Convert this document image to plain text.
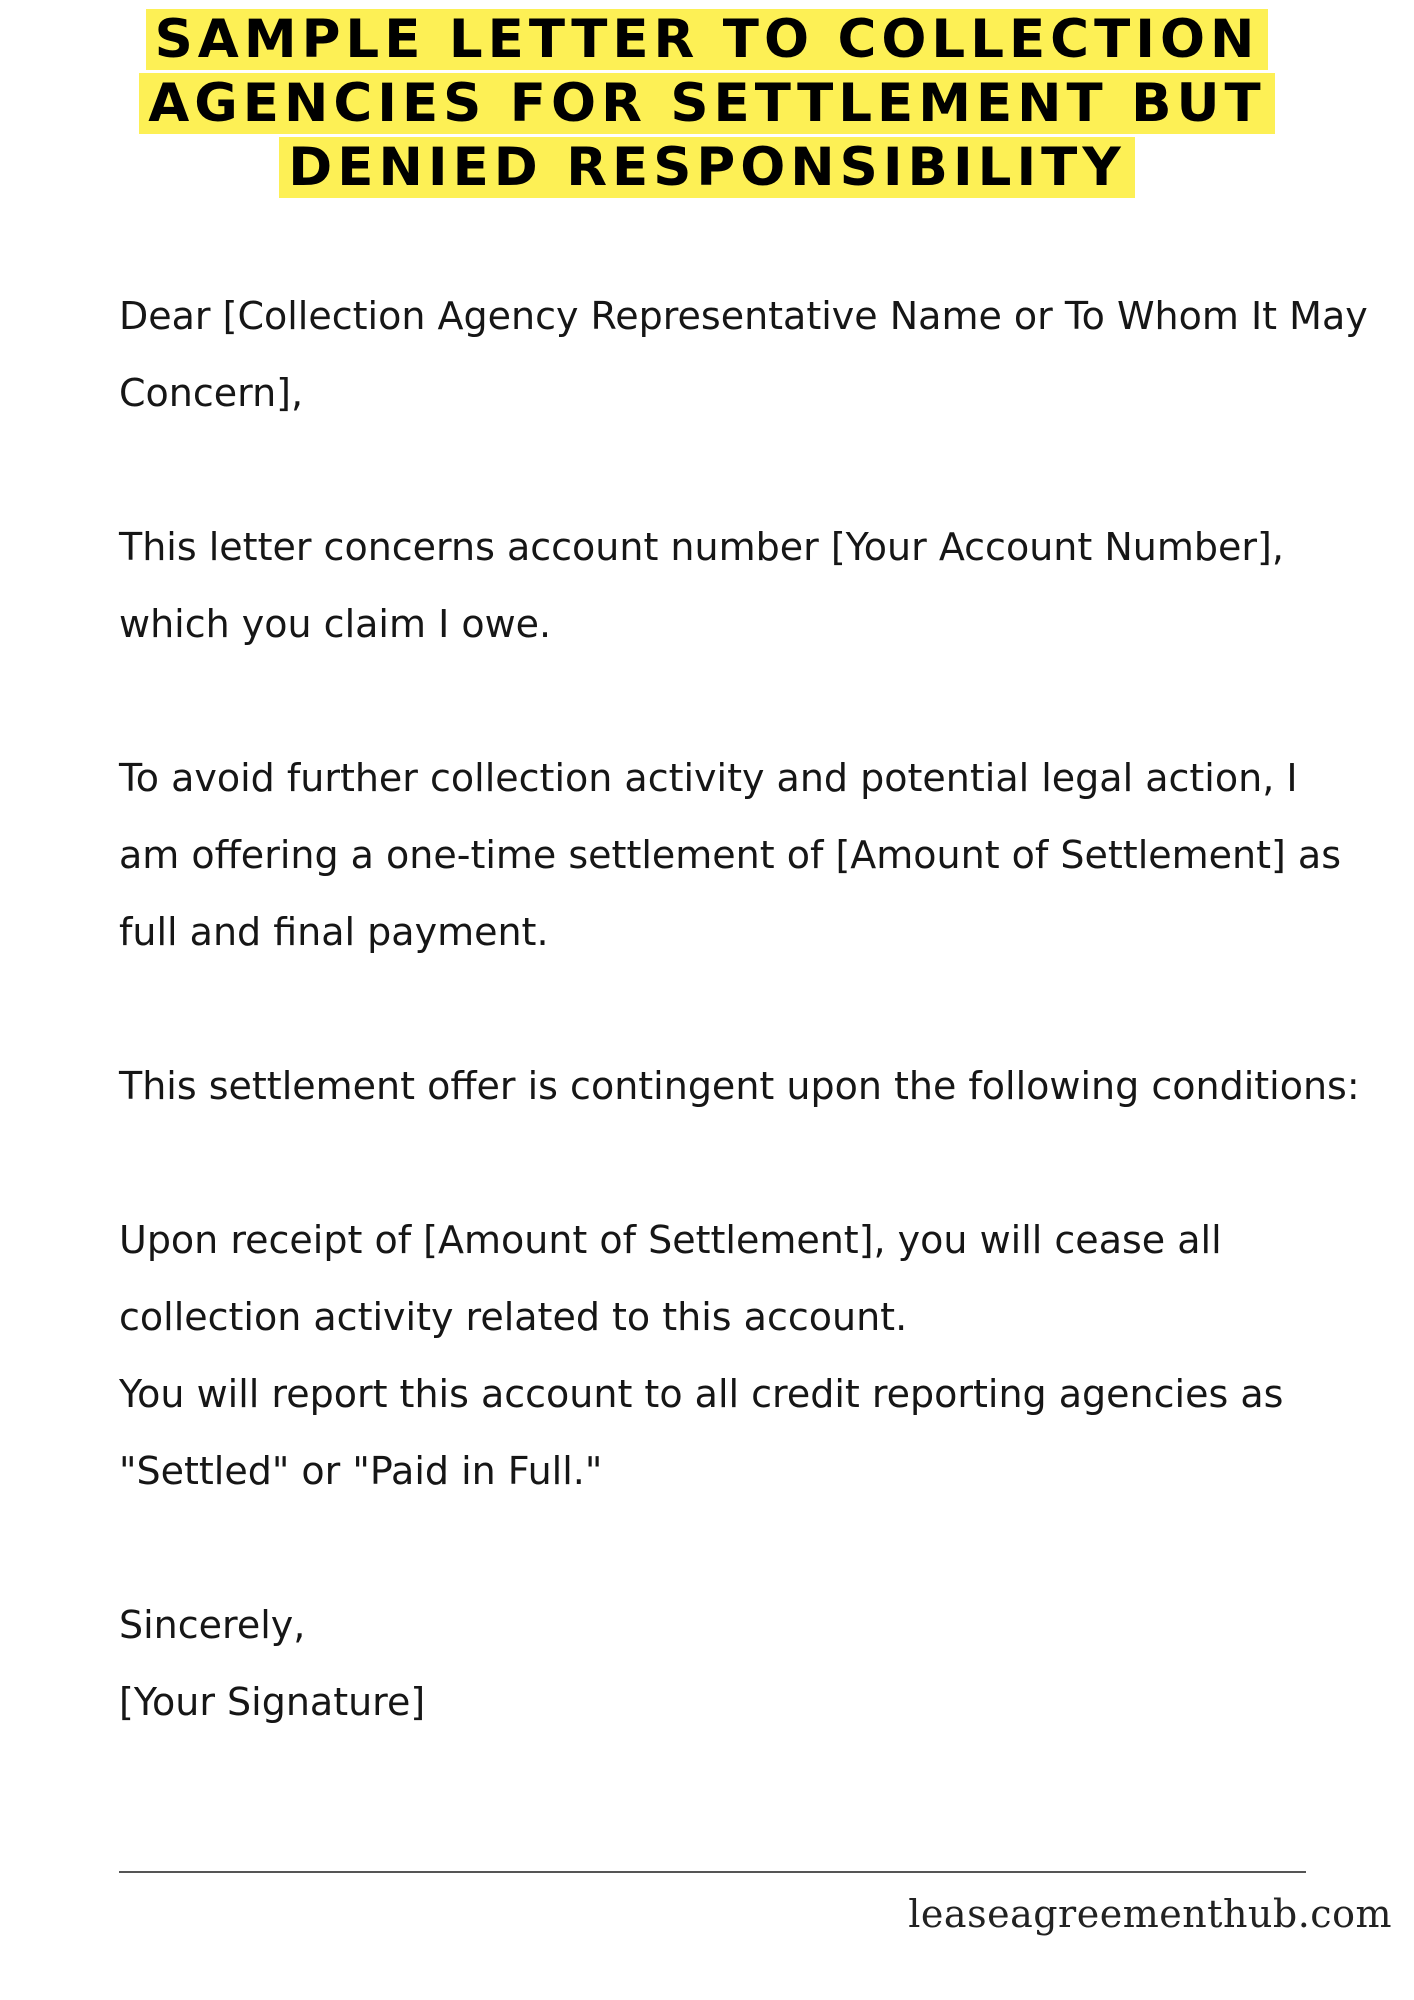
SAMPLE LETTER TO COLLECTION
AGENCIES FOR SETTLEMENT BUT
DENIED RESPONSIBILITY

Dear [Collection Agency Representative Name or To Whom It May Concern],

This letter concerns account number [Your Account Number], which you claim I owe.

To avoid further collection activity and potential legal action, I am offering a one-time settlement of [Amount of Settlement] as full and final payment.

This settlement offer is contingent upon the following conditions:

Upon receipt of [Amount of Settlement], you will cease all collection activity related to this account.

You will report this account to all credit reporting agencies as "Settled" or "Paid in Full."

Sincerely,
[Your Signature]
leaseagreementhub.com
